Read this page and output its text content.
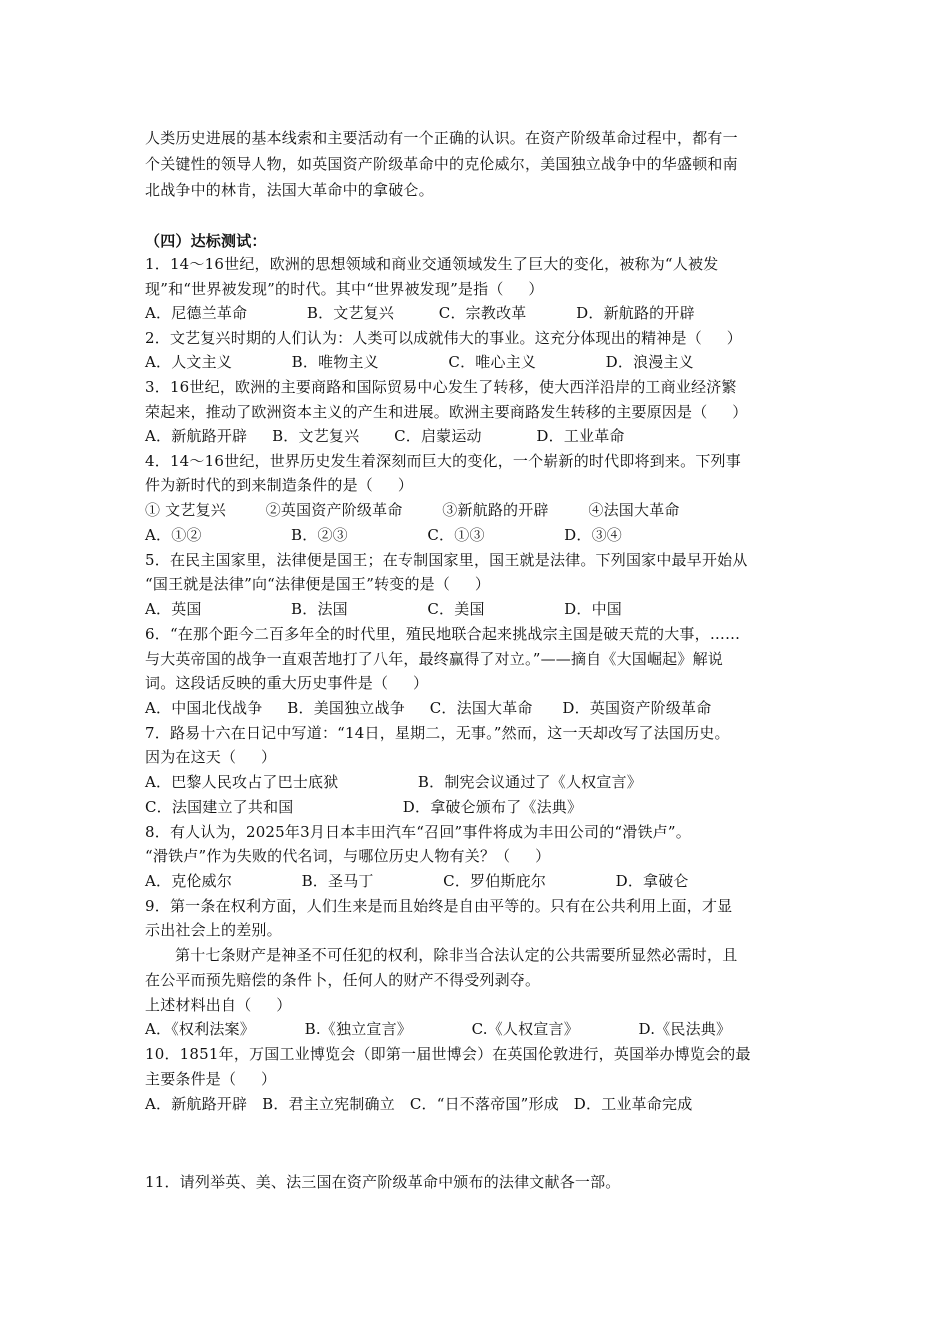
人类历史进展的基本线索和主要活动有一个正确的认识。在资产阶级革命过程中，都有一
个关键性的领导人物，如英国资产阶级革命中的克伦威尔，美国独立战争中的华盛顿和南
北战争中的林肯，法国大革命中的拿破仑。
（四）达标测试：
1．14～16世纪，欧洲的思想领域和商业交通领域发生了巨大的变化，被称为“人被发
现”和“世界被发现”的时代。其中“世界被发现”是指（     ）
A．尼德兰革命            B．文艺复兴         C．宗教改革          D．新航路的开辟
2．文艺复兴时期的人们认为：人类可以成就伟大的事业。这充分体现出的精神是（     ）
A．人文主义            B．唯物主义              C．唯心主义              D．浪漫主义
3．16世纪，欧洲的主要商路和国际贸易中心发生了转移，使大西洋沿岸的工商业经济繁
荣起来，推动了欧洲资本主义的产生和进展。欧洲主要商路发生转移的主要原因是（     ）
A．新航路开辟     B．文艺复兴       C．启蒙运动           D．工业革命
4．14～16世纪，世界历史发生着深刻而巨大的变化，一个崭新的时代即将到来。下列事
件为新时代的到来制造条件的是（     ）
① 文艺复兴        ②英国资产阶级革命        ③新航路的开辟        ④法国大革命
A．①②                  B．②③                C．①③                D．③④
5．在民主国家里，法律便是国王；在专制国家里，国王就是法律。下列国家中最早开始从
“国王就是法律”向“法律便是国王”转变的是（     ）
A．英国                  B．法国                C．美国                D．中国
6．“在那个距今二百多年全的时代里，殖民地联合起来挑战宗主国是破天荒的大事，……
与大英帝国的战争一直艰苦地打了八年，最终赢得了对立。”——摘自《大国崛起》解说
词。这段话反映的重大历史事件是（     ）
A．中国北伐战争     B．美国独立战争     C．法国大革命      D．英国资产阶级革命
7．路易十六在日记中写道：“14日，星期二，无事。”然而，这一天却改写了法国历史。
因为在这天（     ）
A．巴黎人民攻占了巴士底狱                B．制宪会议通过了《人权宣言》
C．法国建立了共和国                      D．拿破仑颁布了《法典》
8．有人认为，2025年3月日本丰田汽车“召回”事件将成为丰田公司的“滑铁卢”。
“滑铁卢”作为失败的代名词，与哪位历史人物有关？（     ）
A．克伦威尔              B．圣马丁              C．罗伯斯庇尔              D．拿破仑
9．第一条在权利方面，人们生来是而且始终是自由平等的。只有在公共利用上面，才显
示出社会上的差别。
第十七条财产是神圣不可任犯的权利，除非当合法认定的公共需要所显然必需时，且
在公平而预先赔偿的条件卜，任何人的财产不得受列剥夺。
上述材料出自（     ）
A．《权利法案》          B.《独立宣言》            C.《人权宣言》            D.《民法典》
10．1851年，万国工业博览会（即第一届世博会）在英国伦敦进行，英国举办博览会的最
主要条件是（     ）
A．新航路开辟   B．君主立宪制确立   C．“日不落帝国”形成   D．工业革命完成
11．请列举英、美、法三国在资产阶级革命中颁布的法律文献各一部。
